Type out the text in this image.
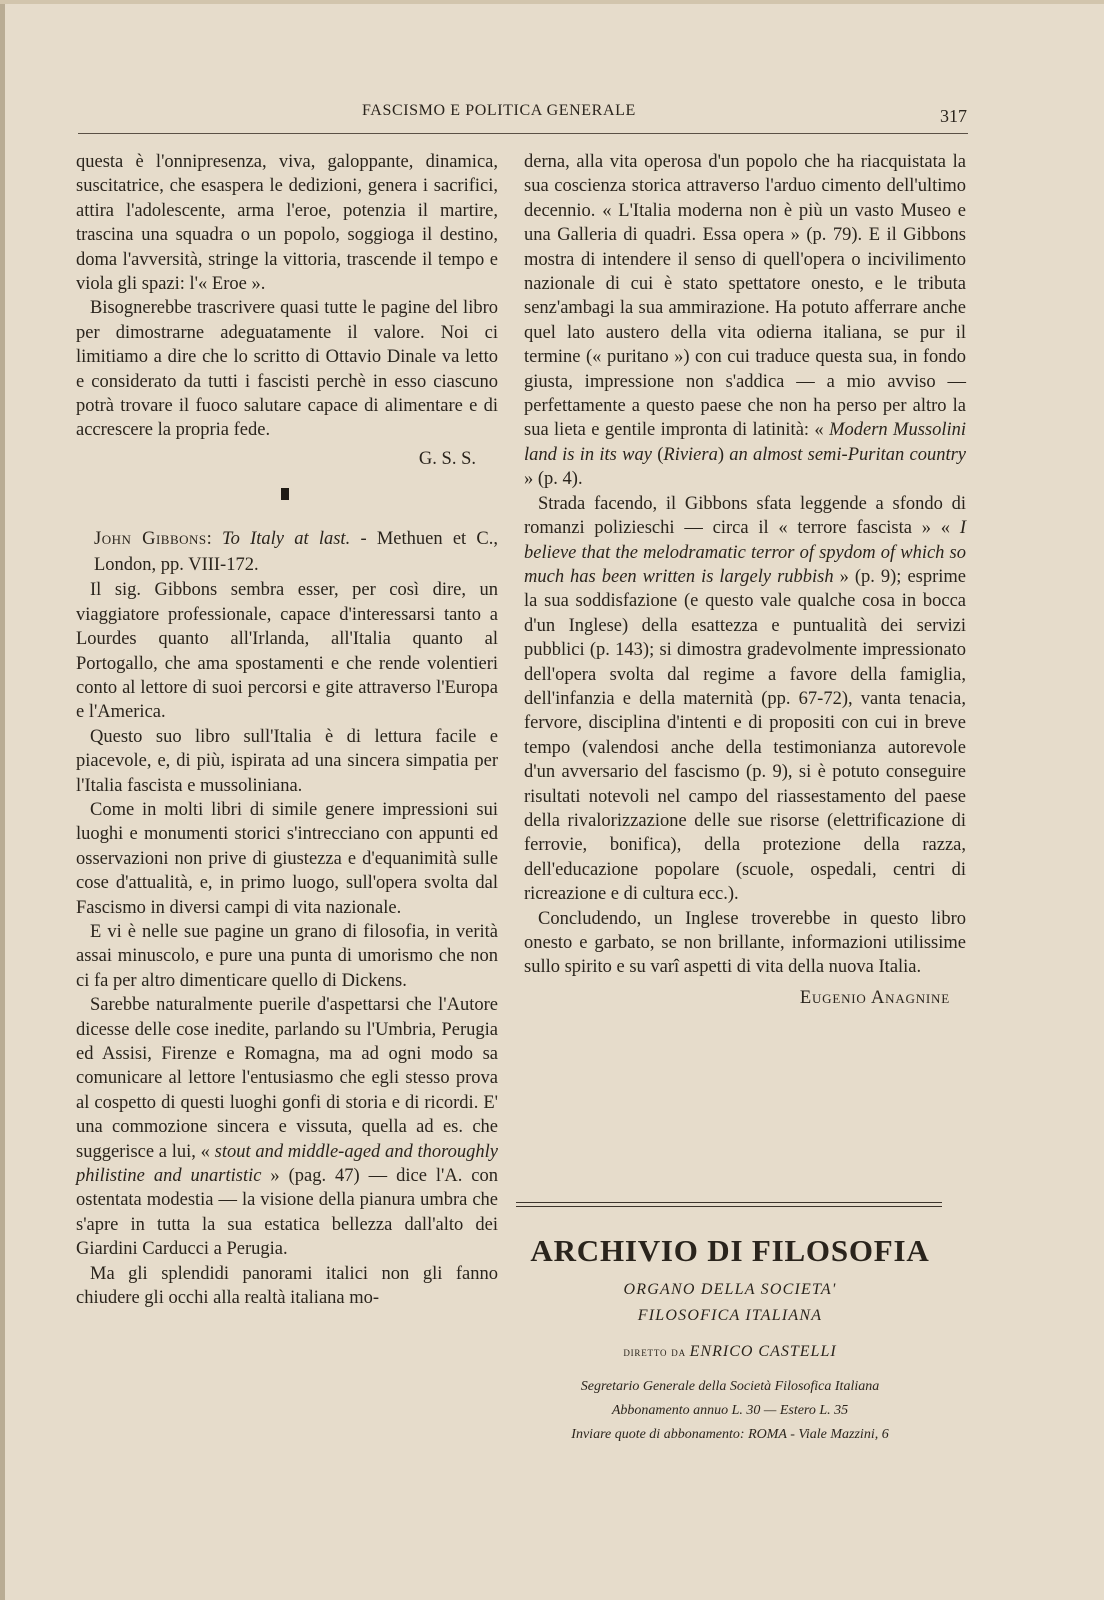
FASCISMO E POLITICA GENERALE	317

questa è l'onnipresenza, viva, galoppante, dinamica, suscitatrice, che esaspera le dedizioni, genera i sacrifici, attira l'adolescente, arma l'eroe, potenzia il martire, trascina una squadra o un popolo, soggioga il destino, doma l'avversità, stringe la vittoria, trascende il tempo e viola gli spazi: l'« Eroe ».

Bisognerebbe trascrivere quasi tutte le pagine del libro per dimostrarne adeguatamente il valore. Noi ci limitiamo a dire che lo scritto di Ottavio Dinale va letto e considerato da tutti i fascisti perchè in esso ciascuno potrà trovare il fuoco salutare capace di alimentare e di accrescere la propria fede.

G. S. S.

John Gibbons: To Italy at last. - Methuen et C., London, pp. VIII-172.

Il sig. Gibbons sembra esser, per così dire, un viaggiatore professionale, capace d'interessarsi tanto a Lourdes quanto all'Irlanda, all'Italia quanto al Portogallo, che ama spostamenti e che rende volentieri conto al lettore di suoi percorsi e gite attraverso l'Europa e l'America.

Questo suo libro sull'Italia è di lettura facile e piacevole, e, di più, ispirata ad una sincera simpatia per l'Italia fascista e mussoliniana.

Come in molti libri di simile genere impressioni sui luoghi e monumenti storici s'intrecciano con appunti ed osservazioni non prive di giustezza e d'equanimità sulle cose d'attualità, e, in primo luogo, sull'opera svolta dal Fascismo in diversi campi di vita nazionale.

E vi è nelle sue pagine un grano di filosofia, in verità assai minuscolo, e pure una punta di umorismo che non ci fa per altro dimenticare quello di Dickens.

Sarebbe naturalmente puerile d'aspettarsi che l'Autore dicesse delle cose inedite, parlando su l'Umbria, Perugia ed Assisi, Firenze e Romagna, ma ad ogni modo sa comunicare al lettore l'entusiasmo che egli stesso prova al cospetto di questi luoghi gonfi di storia e di ricordi. E' una commozione sincera e vissuta, quella ad es. che suggerisce a lui, « stout and middle-aged and thoroughly philistine and unartistic » (pag. 47) — dice l'A. con ostentata modestia — la visione della pianura umbra che s'apre in tutta la sua estatica bellezza dall'alto dei Giardini Carducci a Perugia.

Ma gli splendidi panorami italici non gli fanno chiudere gli occhi alla realtà italiana mo-

derna, alla vita operosa d'un popolo che ha riacquistata la sua coscienza storica attraverso l'arduo cimento dell'ultimo decennio. « L'Italia moderna non è più un vasto Museo e una Galleria di quadri. Essa opera » (p. 79). E il Gibbons mostra di intendere il senso di quell'opera o incivilimento nazionale di cui è stato spettatore onesto, e le tributa senz'ambagi la sua ammirazione. Ha potuto afferrare anche quel lato austero della vita odierna italiana, se pur il termine (« puritano ») con cui traduce questa sua, in fondo giusta, impressione non s'addica — a mio avviso — perfettamente a questo paese che non ha perso per altro la sua lieta e gentile impronta di latinità: « Modern Mussolini land is in its way (Riviera) an almost semi-Puritan country » (p. 4).

Strada facendo, il Gibbons sfata leggende a sfondo di romanzi polizieschi — circa il « terrore fascista » « I believe that the melodramatic terror of spydom of which so much has been written is largely rubbish » (p. 9); esprime la sua soddisfazione (e questo vale qualche cosa in bocca d'un Inglese) della esattezza e puntualità dei servizi pubblici (p. 143); si dimostra gradevolmente impressionato dell'opera svolta dal regime a favore della famiglia, dell'infanzia e della maternità (pp. 67-72), vanta tenacia, fervore, disciplina d'intenti e di propositi con cui in breve tempo (valendosi anche della testimonianza autorevole d'un avversario del fascismo (p. 9), si è potuto conseguire risultati notevoli nel campo del riassestamento del paese della rivalorizzazione delle sue risorse (elettrificazione di ferrovie, bonifica), della protezione della razza, dell'educazione popolare (scuole, ospedali, centri di ricreazione e di cultura ecc.).

Concludendo, un Inglese troverebbe in questo libro onesto e garbato, se non brillante, informazioni utilissime sullo spirito e su varî aspetti di vita della nuova Italia.

Eugenio Anagnine
ARCHIVIO DI FILOSOFIA
ORGANO DELLA SOCIETA'
FILOSOFICA ITALIANA
diretto da ENRICO CASTELLI
Segretario Generale della Società Filosofica Italiana
Abbonamento annuo L. 30 — Estero L. 35
Inviare quote di abbonamento: ROMA - Viale Mazzini, 6
